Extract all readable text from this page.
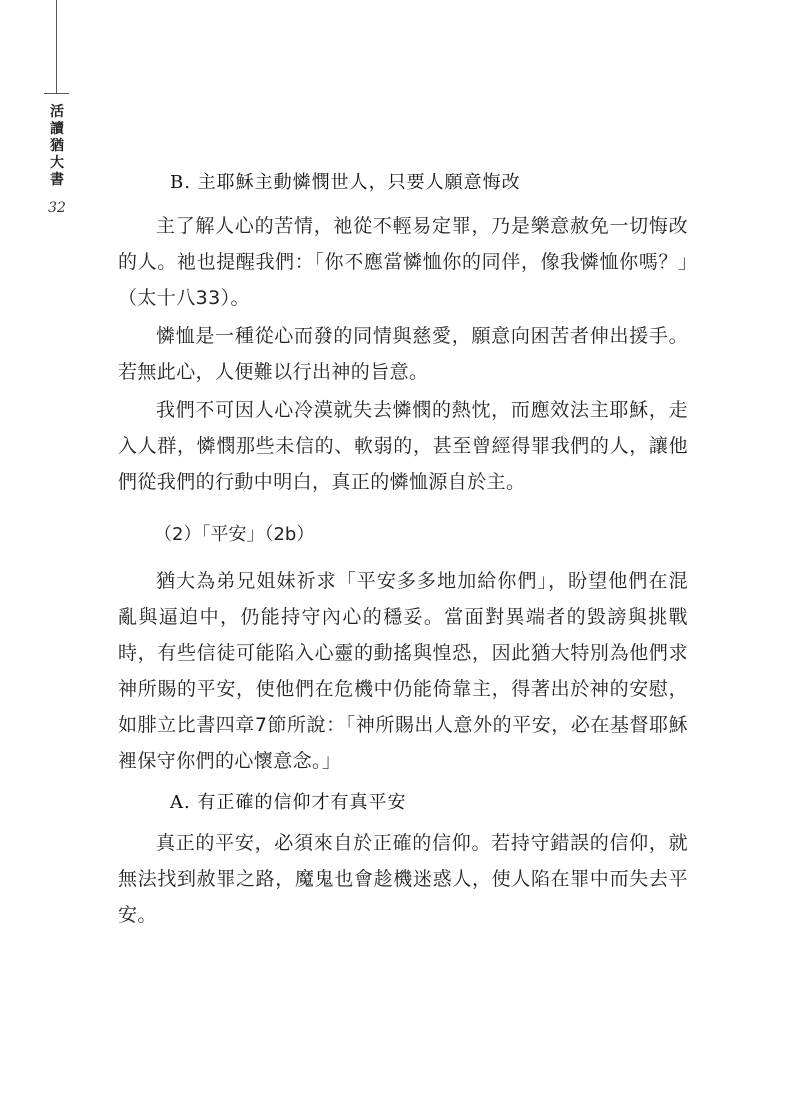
活讀猶大書
32
B. 主耶穌主動憐憫世人，只要人願意悔改
主了解人心的苦情，祂從不輕易定罪，乃是樂意赦免一切悔改的人。祂也提醒我們：「你不應當憐恤你的同伴，像我憐恤你嗎？」（太十八33）。
憐恤是一種從心而發的同情與慈愛，願意向困苦者伸出援手。若無此心，人便難以行出神的旨意。
我們不可因人心冷漠就失去憐憫的熱忱，而應效法主耶穌，走入人群，憐憫那些未信的、軟弱的，甚至曾經得罪我們的人，讓他們從我們的行動中明白，真正的憐恤源自於主。
（2）「平安」（2b）
猶大為弟兄姐妹祈求「平安多多地加給你們」，盼望他們在混亂與逼迫中，仍能持守內心的穩妥。當面對異端者的毀謗與挑戰時，有些信徒可能陷入心靈的動搖與惶恐，因此猶大特別為他們求神所賜的平安，使他們在危機中仍能倚靠主，得著出於神的安慰，如腓立比書四章7節所說：「神所賜出人意外的平安，必在基督耶穌裡保守你們的心懷意念。」
A. 有正確的信仰才有真平安
真正的平安，必須來自於正確的信仰。若持守錯誤的信仰，就無法找到赦罪之路，魔鬼也會趁機迷惑人，使人陷在罪中而失去平安。
